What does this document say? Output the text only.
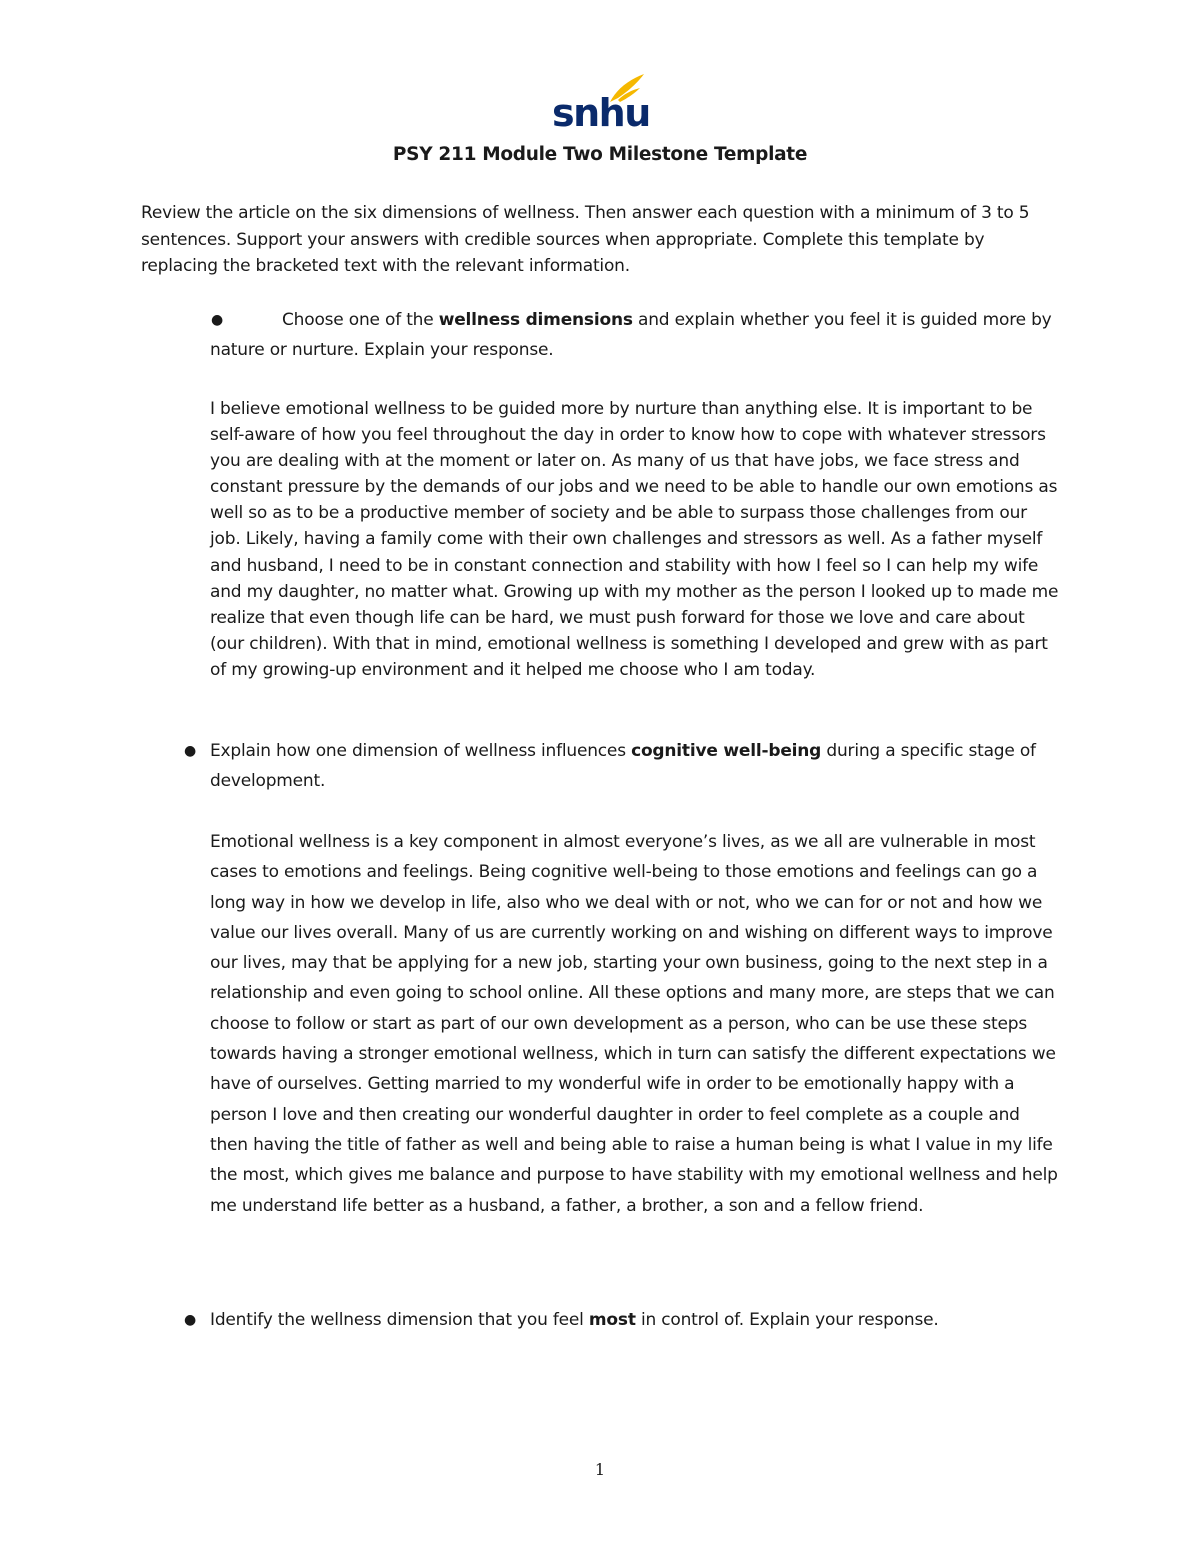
snhu
PSY 211 Module Two Milestone Template
Review the article on the six dimensions of wellness. Then answer each question with a minimum of 3 to 5 sentences. Support your answers with credible sources when appropriate. Complete this template by replacing the bracketed text with the relevant information.
●	Choose one of the wellness dimensions and explain whether you feel it is guided more by nature or nurture. Explain your response.
I believe emotional wellness to be guided more by nurture than anything else. It is important to be self-aware of how you feel throughout the day in order to know how to cope with whatever stressors you are dealing with at the moment or later on. As many of us that have jobs, we face stress and constant pressure by the demands of our jobs and we need to be able to handle our own emotions as well so as to be a productive member of society and be able to surpass those challenges from our job. Likely, having a family come with their own challenges and stressors as well. As a father myself and husband, I need to be in constant connection and stability with how I feel so I can help my wife and my daughter, no matter what. Growing up with my mother as the person I looked up to made me realize that even though life can be hard, we must push forward for those we love and care about (our children). With that in mind, emotional wellness is something I developed and grew with as part of my growing-up environment and it helped me choose who I am today.
● Explain how one dimension of wellness influences cognitive well-being during a specific stage of development.
Emotional wellness is a key component in almost everyone’s lives, as we all are vulnerable in most cases to emotions and feelings. Being cognitive well-being to those emotions and feelings can go a long way in how we develop in life, also who we deal with or not, who we can for or not and how we value our lives overall. Many of us are currently working on and wishing on different ways to improve our lives, may that be applying for a new job, starting your own business, going to the next step in a relationship and even going to school online. All these options and many more, are steps that we can choose to follow or start as part of our own development as a person, who can be use these steps towards having a stronger emotional wellness, which in turn can satisfy the different expectations we have of ourselves. Getting married to my wonderful wife in order to be emotionally happy with a person I love and then creating our wonderful daughter in order to feel complete as a couple and then having the title of father as well and being able to raise a human being is what I value in my life the most, which gives me balance and purpose to have stability with my emotional wellness and help me understand life better as a husband, a father, a brother, a son and a fellow friend.
● Identify the wellness dimension that you feel most in control of. Explain your response.
1
